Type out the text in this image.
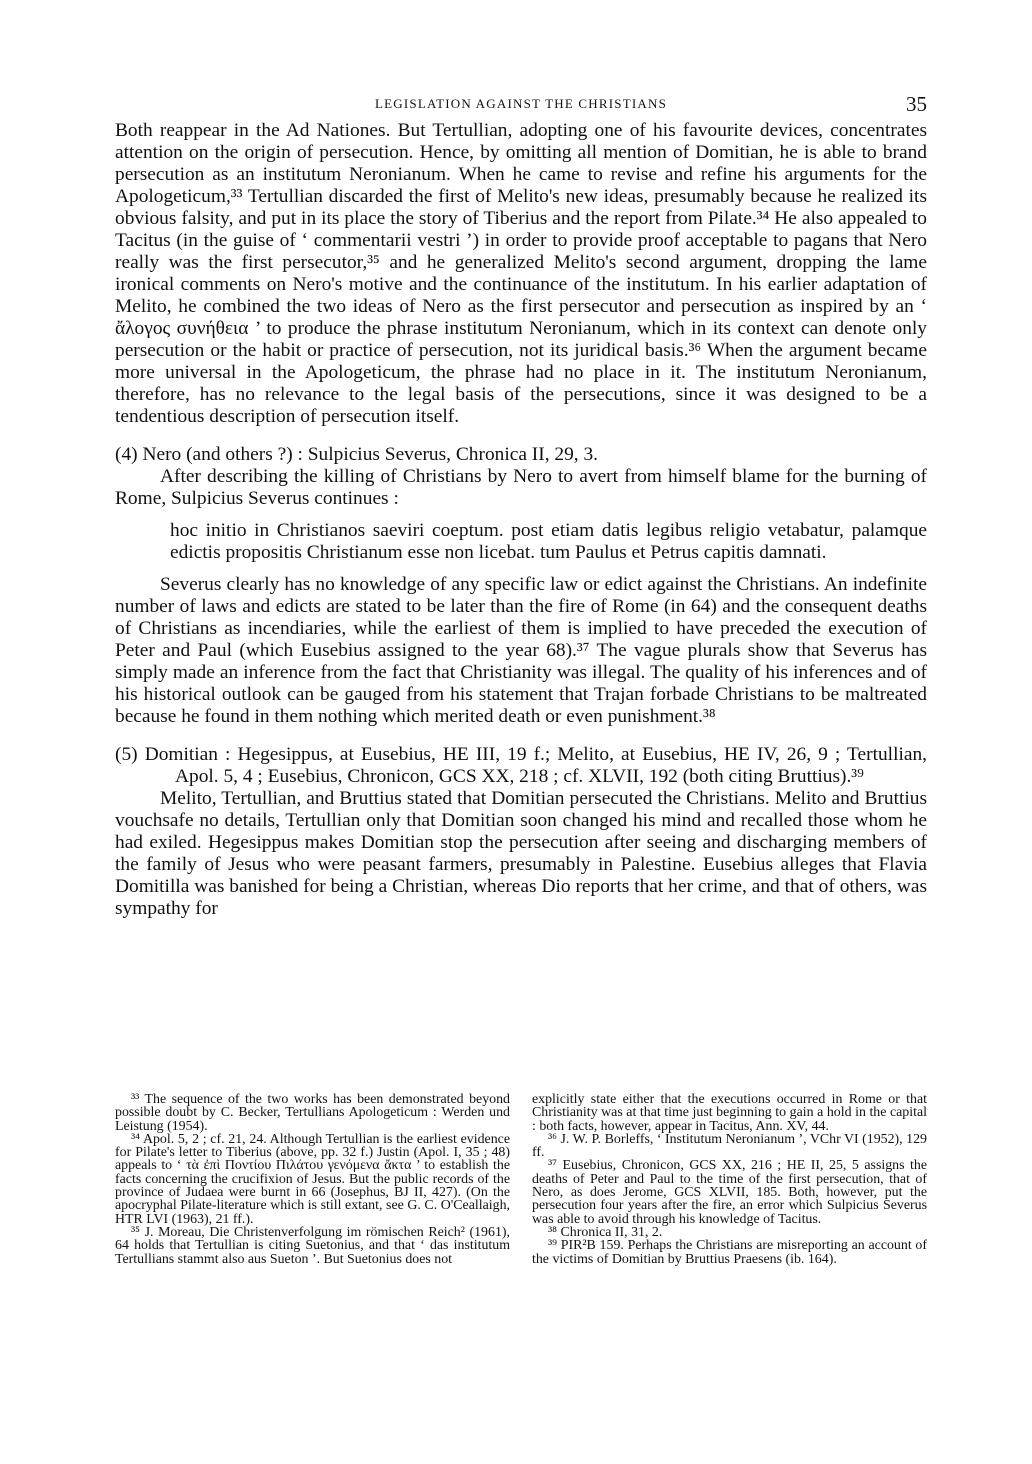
LEGISLATION AGAINST THE CHRISTIANS	35

Both reappear in the Ad Nationes. But Tertullian, adopting one of his favourite devices, concentrates attention on the origin of persecution. Hence, by omitting all mention of Domitian, he is able to brand persecution as an institutum Neronianum. When he came to revise and refine his arguments for the Apologeticum,³³ Tertullian discarded the first of Melito's new ideas, presumably because he realized its obvious falsity, and put in its place the story of Tiberius and the report from Pilate.³⁴ He also appealed to Tacitus (in the guise of ‘ commentarii vestri ’) in order to provide proof acceptable to pagans that Nero really was the first persecutor,³⁵ and he generalized Melito's second argument, dropping the lame ironical comments on Nero's motive and the continuance of the institutum. In his earlier adaptation of Melito, he combined the two ideas of Nero as the first persecutor and persecution as inspired by an ‘ ἄλογος συνήθεια ’ to produce the phrase institutum Neronianum, which in its context can denote only persecution or the habit or practice of persecution, not its juridical basis.³⁶ When the argument became more universal in the Apologeticum, the phrase had no place in it. The institutum Neronianum, therefore, has no relevance to the legal basis of the persecutions, since it was designed to be a tendentious description of persecution itself.

(4) Nero (and others ?) : Sulpicius Severus, Chronica II, 29, 3.

After describing the killing of Christians by Nero to avert from himself blame for the burning of Rome, Sulpicius Severus continues :

hoc initio in Christianos saeviri coeptum. post etiam datis legibus religio vetabatur, palamque edictis propositis Christianum esse non licebat. tum Paulus et Petrus capitis damnati.

Severus clearly has no knowledge of any specific law or edict against the Christians. An indefinite number of laws and edicts are stated to be later than the fire of Rome (in 64) and the consequent deaths of Christians as incendiaries, while the earliest of them is implied to have preceded the execution of Peter and Paul (which Eusebius assigned to the year 68).³⁷ The vague plurals show that Severus has simply made an inference from the fact that Christianity was illegal. The quality of his inferences and of his historical outlook can be gauged from his statement that Trajan forbade Christians to be maltreated because he found in them nothing which merited death or even punishment.³⁸

(5) Domitian : Hegesippus, at Eusebius, HE III, 19 f.; Melito, at Eusebius, HE IV, 26, 9 ; Tertullian, Apol. 5, 4 ; Eusebius, Chronicon, GCS XX, 218 ; cf. XLVII, 192 (both citing Bruttius).³⁹

Melito, Tertullian, and Bruttius stated that Domitian persecuted the Christians. Melito and Bruttius vouchsafe no details, Tertullian only that Domitian soon changed his mind and recalled those whom he had exiled. Hegesippus makes Domitian stop the persecution after seeing and discharging members of the family of Jesus who were peasant farmers, presumably in Palestine. Eusebius alleges that Flavia Domitilla was banished for being a Christian, whereas Dio reports that her crime, and that of others, was sympathy for

³³ The sequence of the two works has been demonstrated beyond possible doubt by C. Becker, Tertullians Apologeticum : Werden und Leistung (1954).

³⁴ Apol. 5, 2 ; cf. 21, 24. Although Tertullian is the earliest evidence for Pilate's letter to Tiberius (above, pp. 32 f.) Justin (Apol. I, 35 ; 48) appeals to ‘ τὰ ἐπὶ Ποντίου Πιλάτου γενόμενα ἄκτα ’ to establish the facts concerning the crucifixion of Jesus. But the public records of the province of Judaea were burnt in 66 (Josephus, BJ II, 427). (On the apocryphal Pilate-literature which is still extant, see G. C. O'Ceallaigh, HTR LVI (1963), 21 ff.).

³⁵ J. Moreau, Die Christenverfolgung im römischen Reich² (1961), 64 holds that Tertullian is citing Suetonius, and that ‘ das institutum Tertullians stammt also aus Sueton ’. But Suetonius does not

explicitly state either that the executions occurred in Rome or that Christianity was at that time just beginning to gain a hold in the capital : both facts, however, appear in Tacitus, Ann. XV, 44.

³⁶ J. W. P. Borleffs, ‘ Institutum Neronianum ’, VChr VI (1952), 129 ff.

³⁷ Eusebius, Chronicon, GCS XX, 216 ; HE II, 25, 5 assigns the deaths of Peter and Paul to the time of the first persecution, that of Nero, as does Jerome, GCS XLVII, 185. Both, however, put the persecution four years after the fire, an error which Sulpicius Severus was able to avoid through his knowledge of Tacitus.

³⁸ Chronica II, 31, 2.

³⁹ PIR²B 159. Perhaps the Christians are misreporting an account of the victims of Domitian by Bruttius Praesens (ib. 164).
